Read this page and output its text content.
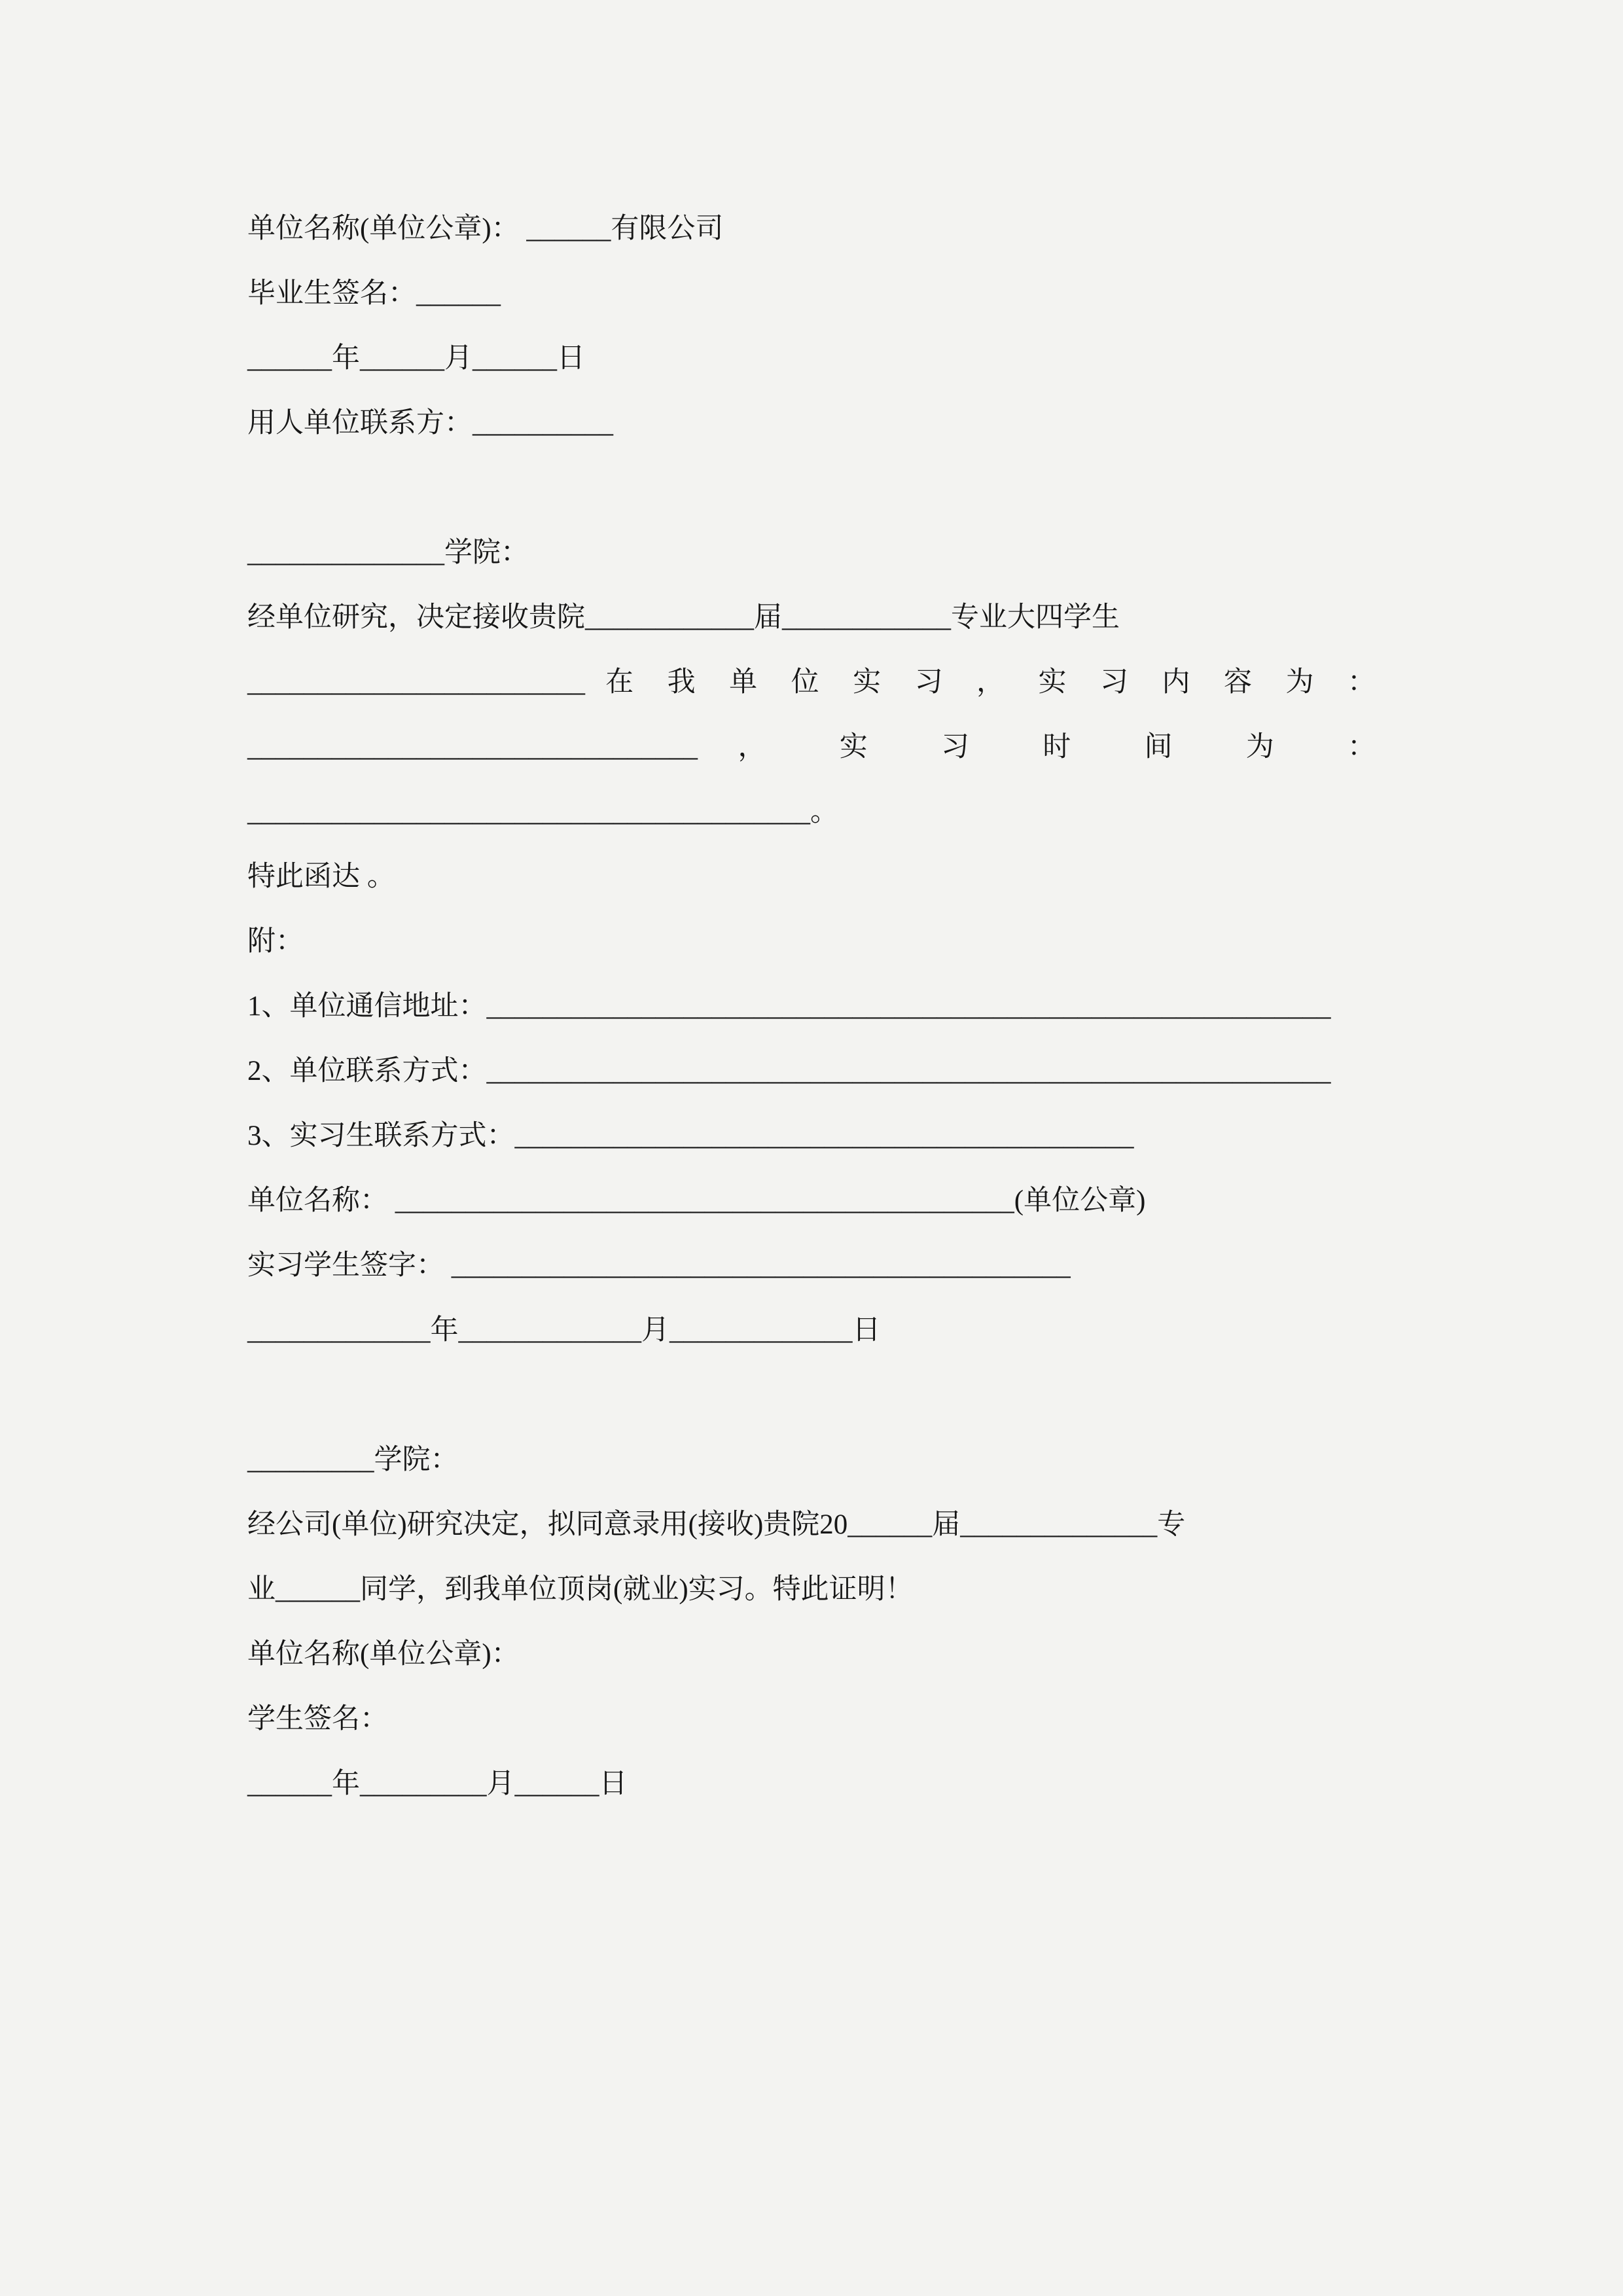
单位名称(单位公章)： ______有限公司

毕业生签名：______

______年______月______日

用人单位联系方：__________

______________学院：

经单位研究，决定接收贵院____________届____________专业大四学生

________________________ 在 我 单 位 实 习 ， 实 习 内 容 为 ：

________________________________ ， 实 习 时 间 为 ：

________________________________________。

特此函达 。

附：

1、单位通信地址：____________________________________________________________

2、单位联系方式：____________________________________________________________

3、实习生联系方式：____________________________________________

单位名称： ____________________________________________(单位公章)

实习学生签字： ____________________________________________

_____________年_____________月_____________日

_________学院：

经公司(单位)研究决定，拟同意录用(接收)贵院20______届______________专

业______同学，到我单位顶岗(就业)实习。特此证明！

单位名称(单位公章)：

学生签名：

______年_________月______日
